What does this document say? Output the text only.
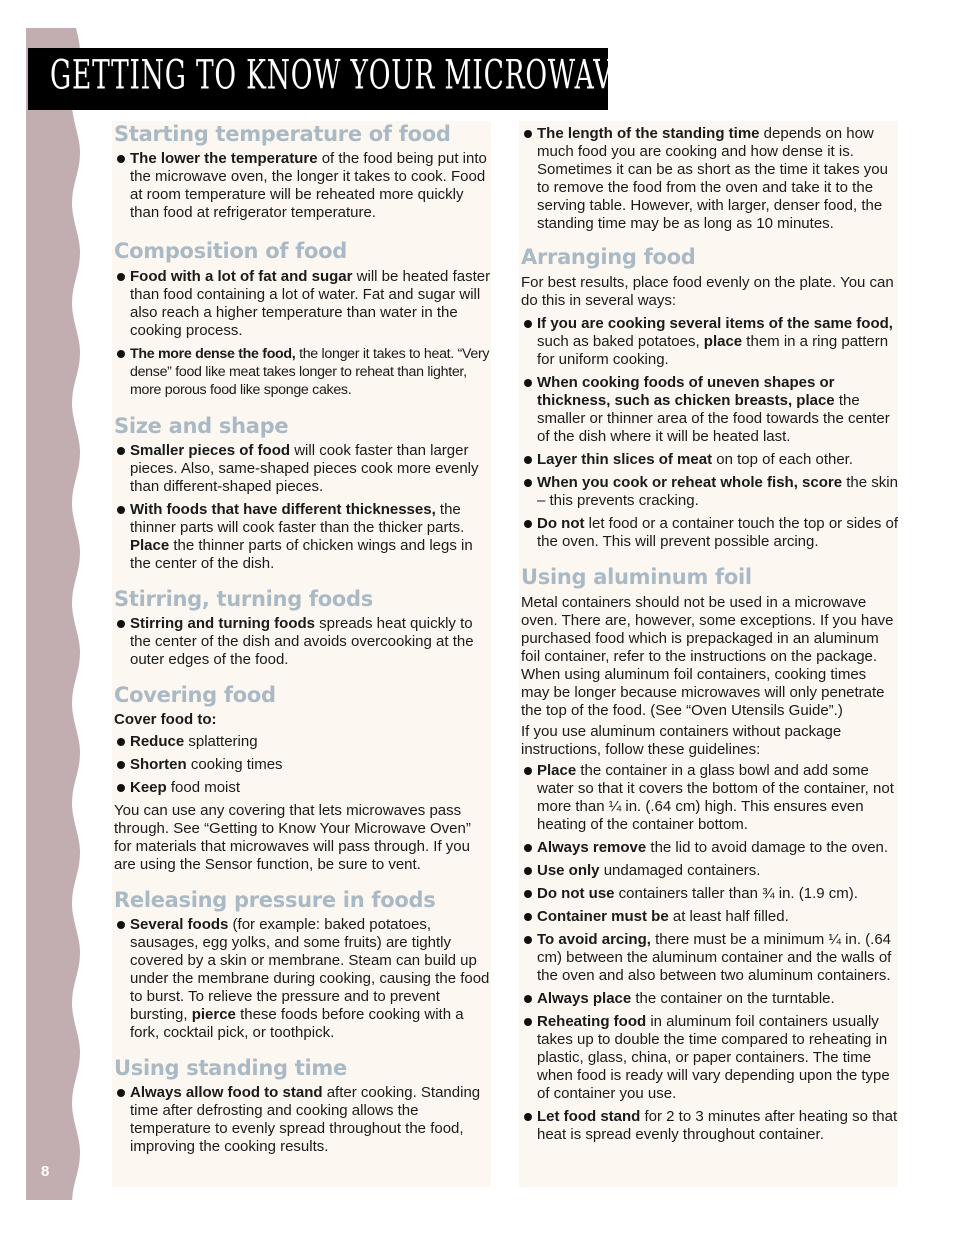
8
GETTING TO KNOW YOUR MICROWAVE OVEN
Starting temperature of food
The lower the temperature of the food being put into the microwave oven, the longer it takes to cook. Food at room temperature will be reheated more quickly than food at refrigerator temperature.
Composition of food
Food with a lot of fat and sugar will be heated faster than food containing a lot of water. Fat and sugar will also reach a higher temperature than water in the cooking process.
The more dense the food, the longer it takes to heat. “Very dense” food like meat takes longer to reheat than lighter, more porous food like sponge cakes.
Size and shape
Smaller pieces of food will cook faster than larger pieces. Also, same-shaped pieces cook more evenly than different-shaped pieces.
With foods that have different thicknesses, the thinner parts will cook faster than the thicker parts. Place the thinner parts of chicken wings and legs in the center of the dish.
Stirring, turning foods
Stirring and turning foods spreads heat quickly to the center of the dish and avoids overcooking at the outer edges of the food.
Covering food

Cover food to:

Reduce splattering
Shorten cooking times
Keep food moist

You can use any covering that lets microwaves pass through. See “Getting to Know Your Microwave Oven” for materials that microwaves will pass through. If you are using the Sensor function, be sure to vent.

Releasing pressure in foods
Several foods (for example: baked potatoes, sausages, egg yolks, and some fruits) are tightly covered by a skin or membrane. Steam can build up under the membrane during cooking, causing the food to burst. To relieve the pressure and to prevent bursting, pierce these foods before cooking with a fork, cocktail pick, or toothpick.
Using standing time
Always allow food to stand after cooking. Standing time after defrosting and cooking allows the temperature to evenly spread throughout the food, improving the cooking results.
The length of the standing time depends on how much food you are cooking and how dense it is. Sometimes it can be as short as the time it takes you to remove the food from the oven and take it to the serving table. However, with larger, denser food, the standing time may be as long as 10 minutes.
Arranging food

For best results, place food evenly on the plate. You can do this in several ways:

If you are cooking several items of the same food, such as baked potatoes, place them in a ring pattern for uniform cooking.
When cooking foods of uneven shapes or thickness, such as chicken breasts, place the smaller or thinner area of the food towards the center of the dish where it will be heated last.
Layer thin slices of meat on top of each other.
When you cook or reheat whole fish, score the skin – this prevents cracking.
Do not let food or a container touch the top or sides of the oven. This will prevent possible arcing.
Using aluminum foil

Metal containers should not be used in a microwave oven. There are, however, some exceptions. If you have purchased food which is prepackaged in an aluminum foil container, refer to the instructions on the package. When using aluminum foil containers, cooking times may be longer because microwaves will only penetrate the top of the food. (See “Oven Utensils Guide”.)

If you use aluminum containers without package instructions, follow these guidelines:

Place the container in a glass bowl and add some water so that it covers the bottom of the container, not more than ¼ in. (.64 cm) high. This ensures even heating of the container bottom.
Always remove the lid to avoid damage to the oven.
Use only undamaged containers.
Do not use containers taller than ¾ in. (1.9 cm).
Container must be at least half filled.
To avoid arcing, there must be a minimum ¼ in. (.64 cm) between the aluminum container and the walls of the oven and also between two aluminum containers.
Always place the container on the turntable.
Reheating food in aluminum foil containers usually takes up to double the time compared to reheating in plastic, glass, china, or paper containers. The time when food is ready will vary depending upon the type of container you use.
Let food stand for 2 to 3 minutes after heating so that heat is spread evenly throughout container.
